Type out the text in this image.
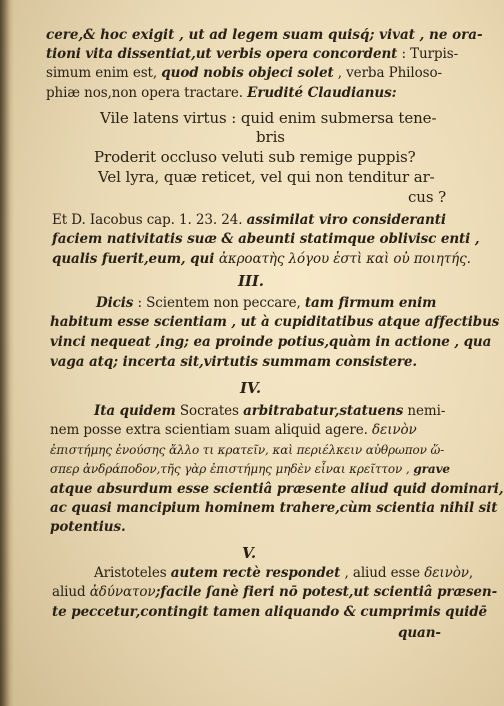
cere,& hoc exigit , ut ad legem suam quisq́; vivat , ne ora-
tioni vita dissentiat,ut verbis opera concordent : Turpis-
simum enim est, quod nobis objeci solet , verba Philoso-
phiæ nos,non opera tractare. Erudité Claudianus:
Vile latens virtus : quid enim submersa tene-
bris
Proderit occluso veluti sub remige puppis?
Vel lyra, quæ reticet, vel qui non tenditur ar-
cus ?
Et D. Iacobus cap. 1. 23. 24. assimilat viro consideranti
faciem nativitatis suæ & abeunti statimque oblivisc enti ,
qualis fuerit,eum, qui ἀκρoατὴς λόγου ἐστὶ καὶ οὐ ποιητής.
III.
Dicis : Scientem non peccare, tam firmum enim
habitum esse scientiam , ut à cupiditatibus atque affectibus
vinci nequeat ,ing; ea proinde potius,quàm in actione , qua
vaga atq; incerta sit,virtutis summam consistere.
IV.
Ita quidem Socrates arbitrabatur,statuens nemi-
nem posse extra scientiam suam aliquid agere. δεινὸν
ἐπιστήμης ἐνούσης ἄλλο τι κρατεῖν, καὶ περιέλκειν αὐθρωπον ὥ-
σπερ ἀνδράποδον,τῆς γὰρ ἐπιστήμης μηδὲν εἶναι κρεῖττον , grave
atque absurdum esse scientiâ præsente aliud quid dominari,
ac quasi mancipium hominem trahere,cùm scientia nihil sit
potentius.
V.
Aristoteles autem rectè respondet , aliud esse δεινὸν,
aliud ἀδύνατον;facile ſanè fieri nō potest,ut scientiâ præsen-
te peccetur,contingit tamen aliquando & cumprimis quidē
quan-
